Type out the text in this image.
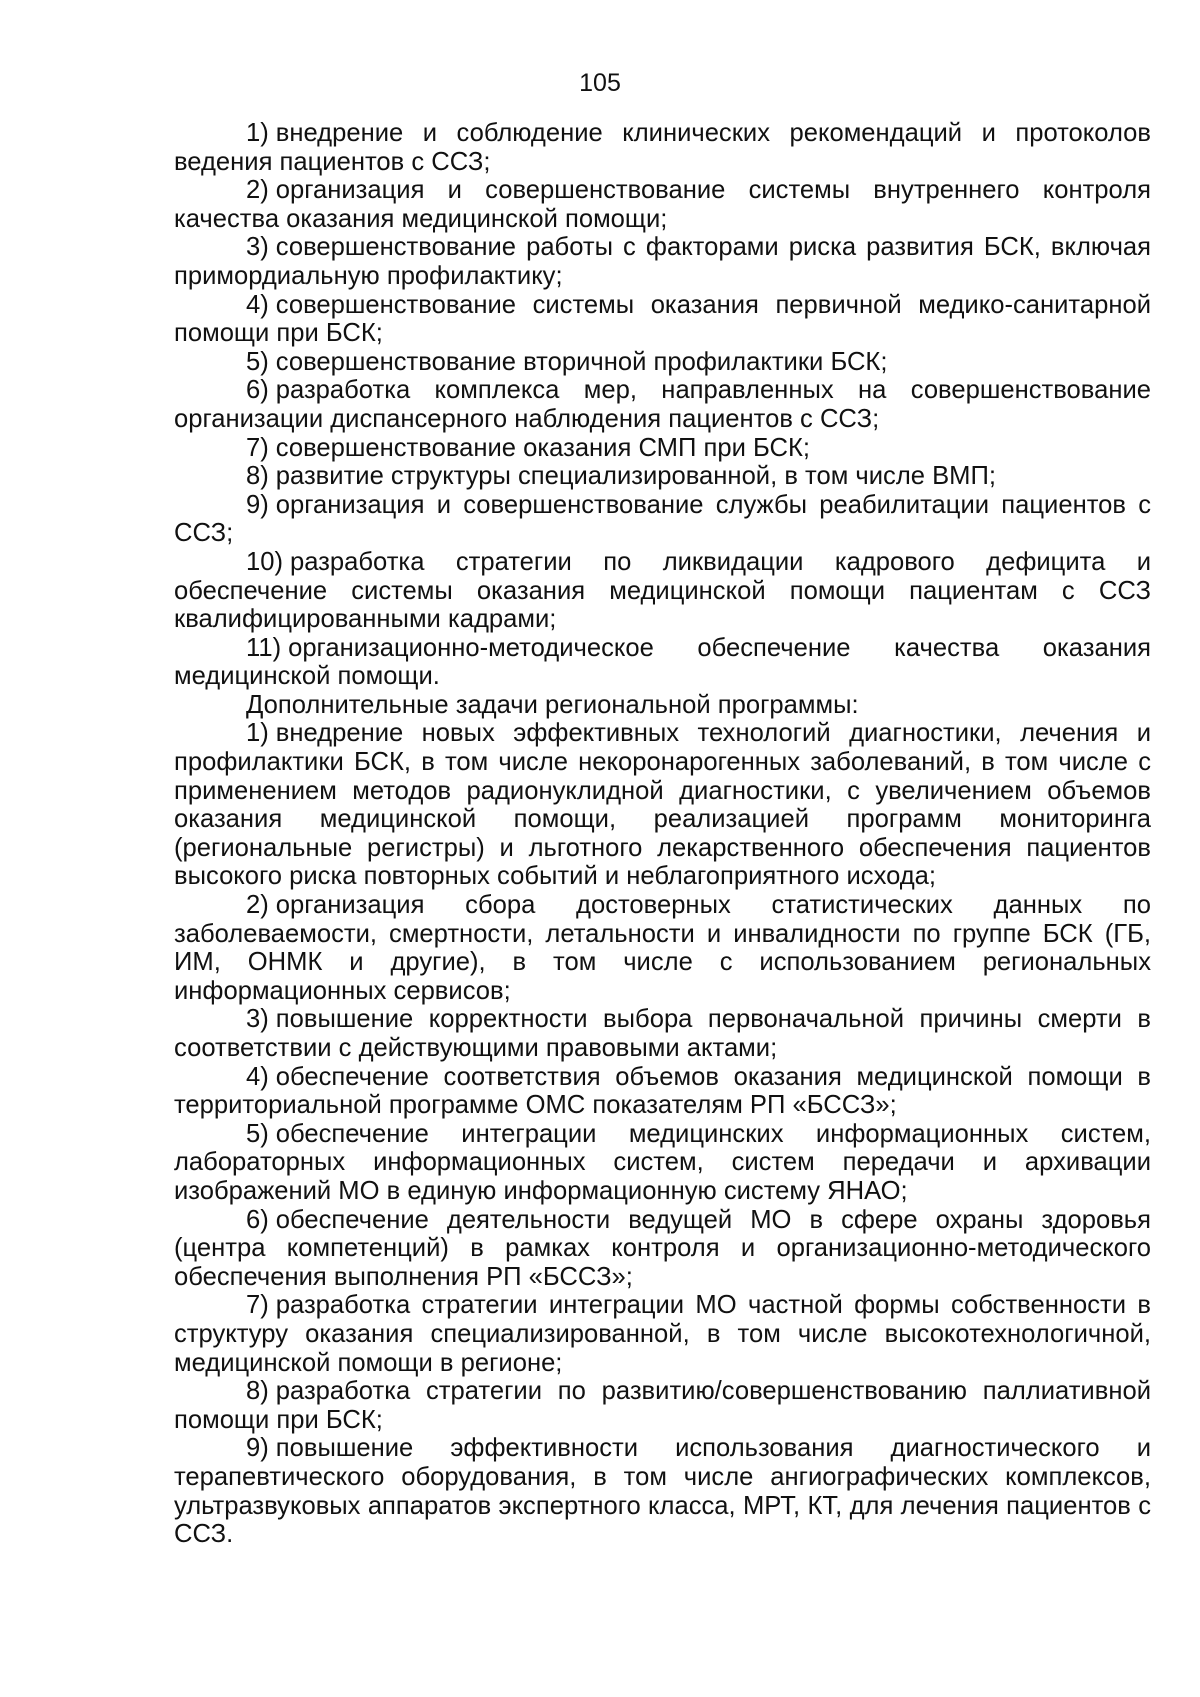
105

1) внедрение и соблюдение клинических рекомендаций и протоколов ведения пациентов с ССЗ;

2) организация и совершенствование системы внутреннего контроля качества оказания медицинской помощи;

3) совершенствование работы с факторами риска развития БСК, включая примордиальную профилактику;

4) совершенствование системы оказания первичной медико-санитарной помощи при БСК;

5) совершенствование вторичной профилактики БСК;

6) разработка комплекса мер, направленных на совершенствование организации диспансерного наблюдения пациентов с ССЗ;

7) совершенствование оказания СМП при БСК;

8) развитие структуры специализированной, в том числе ВМП;

9) организация и совершенствование службы реабилитации пациентов с ССЗ;

10) разработка стратегии по ликвидации кадрового дефицита и обеспечение системы оказания медицинской помощи пациентам с ССЗ квалифицированными кадрами;

11) организационно-методическое обеспечение качества оказания медицинской помощи.

Дополнительные задачи региональной программы:

1) внедрение новых эффективных технологий диагностики, лечения и профилактики БСК, в том числе некоронарогенных заболеваний, в том числе с применением методов радионуклидной диагностики, с увеличением объемов оказания медицинской помощи, реализацией программ мониторинга (региональные регистры) и льготного лекарственного обеспечения пациентов высокого риска повторных событий и неблагоприятного исхода;

2) организация сбора достоверных статистических данных по заболеваемости, смертности, летальности и инвалидности по группе БСК (ГБ, ИМ, ОНМК и другие), в том числе с использованием региональных информационных сервисов;

3) повышение корректности выбора первоначальной причины смерти в соответствии с действующими правовыми актами;

4) обеспечение соответствия объемов оказания медицинской помощи в территориальной программе ОМС показателям РП «БССЗ»;

5) обеспечение интеграции медицинских информационных систем, лабораторных информационных систем, систем передачи и архивации изображений МО в единую информационную систему ЯНАО;

6) обеспечение деятельности ведущей МО в сфере охраны здоровья (центра компетенций) в рамках контроля и организационно-методического обеспечения выполнения РП «БССЗ»;

7) разработка стратегии интеграции МО частной формы собственности в структуру оказания специализированной, в том числе высокотехнологичной, медицинской помощи в регионе;

8) разработка стратегии по развитию/совершенствованию паллиативной помощи при БСК;

9) повышение эффективности использования диагностического и терапевтического оборудования, в том числе ангиографических комплексов, ультразвуковых аппаратов экспертного класса, МРТ, КТ, для лечения пациентов с ССЗ.
